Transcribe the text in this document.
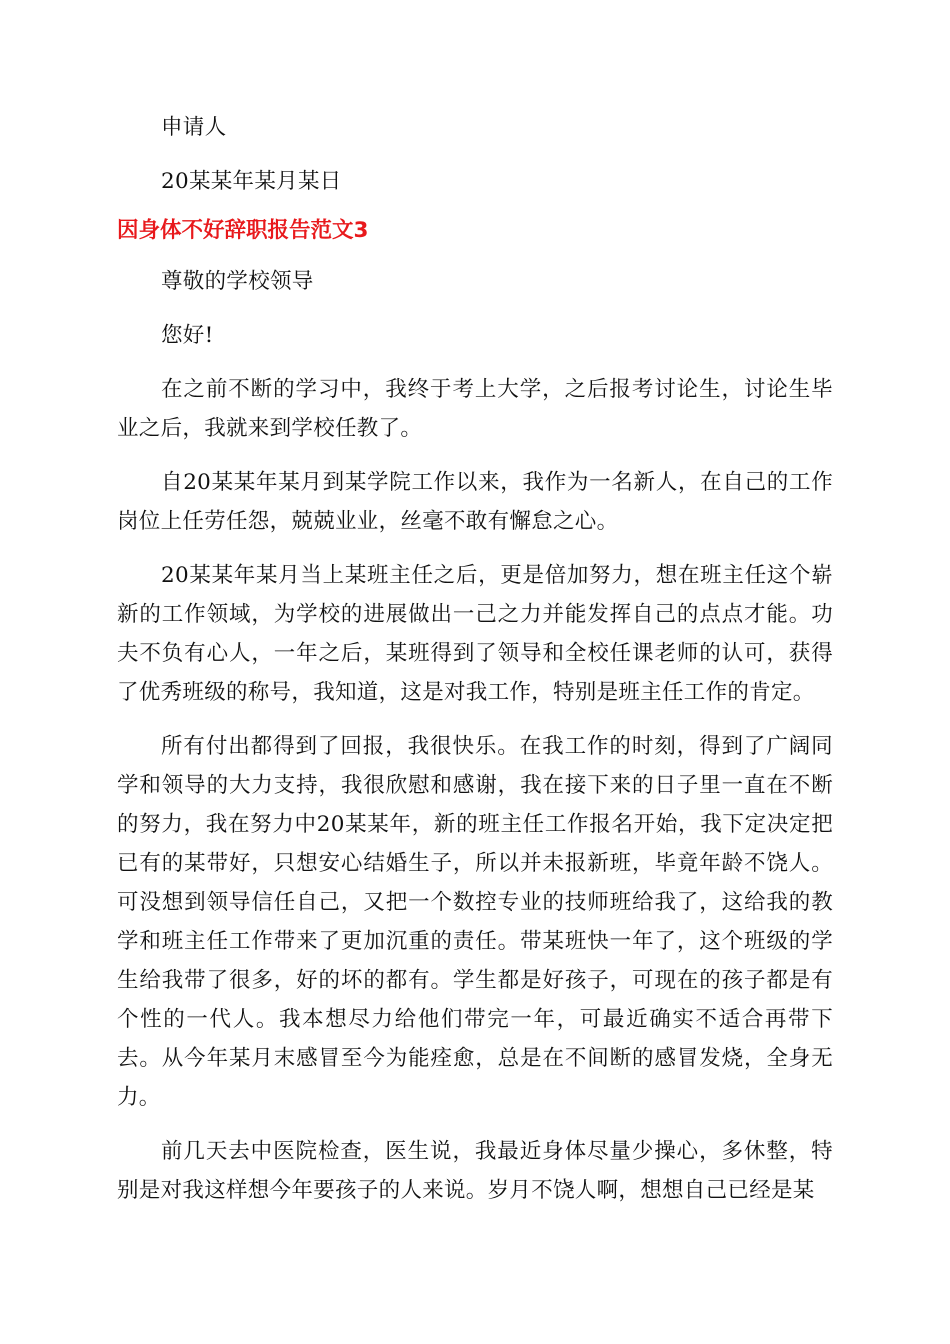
申请人

20某某年某月某日

因身体不好辞职报告范文3

尊敬的学校领导

您好!

在之前不断的学习中，我终于考上大学，之后报考讨论生，讨论生毕业之后，我就来到学校任教了。

自20某某年某月到某学院工作以来，我作为一名新人，在自己的工作岗位上任劳任怨，兢兢业业，丝毫不敢有懈怠之心。

20某某年某月当上某班主任之后，更是倍加努力，想在班主任这个崭新的工作领域，为学校的进展做出一己之力并能发挥自己的点点才能。功夫不负有心人，一年之后，某班得到了领导和全校任课老师的认可，获得了优秀班级的称号，我知道，这是对我工作，特别是班主任工作的肯定。

所有付出都得到了回报，我很快乐。在我工作的时刻，得到了广阔同学和领导的大力支持，我很欣慰和感谢，我在接下来的日子里一直在不断的努力，我在努力中20某某年，新的班主任工作报名开始，我下定决定把已有的某带好，只想安心结婚生子，所以并未报新班，毕竟年龄不饶人。可没想到领导信任自己，又把一个数控专业的技师班给我了，这给我的教学和班主任工作带来了更加沉重的责任。带某班快一年了，这个班级的学生给我带了很多，好的坏的都有。学生都是好孩子，可现在的孩子都是有个性的一代人。我本想尽力给他们带完一年，可最近确实不适合再带下去。从今年某月末感冒至今为能痊愈，总是在不间断的感冒发烧，全身无力。

前几天去中医院检查，医生说，我最近身体尽量少操心，多休整，特别是对我这样想今年要孩子的人来说。岁月不饶人啊，想想自己已经是某
